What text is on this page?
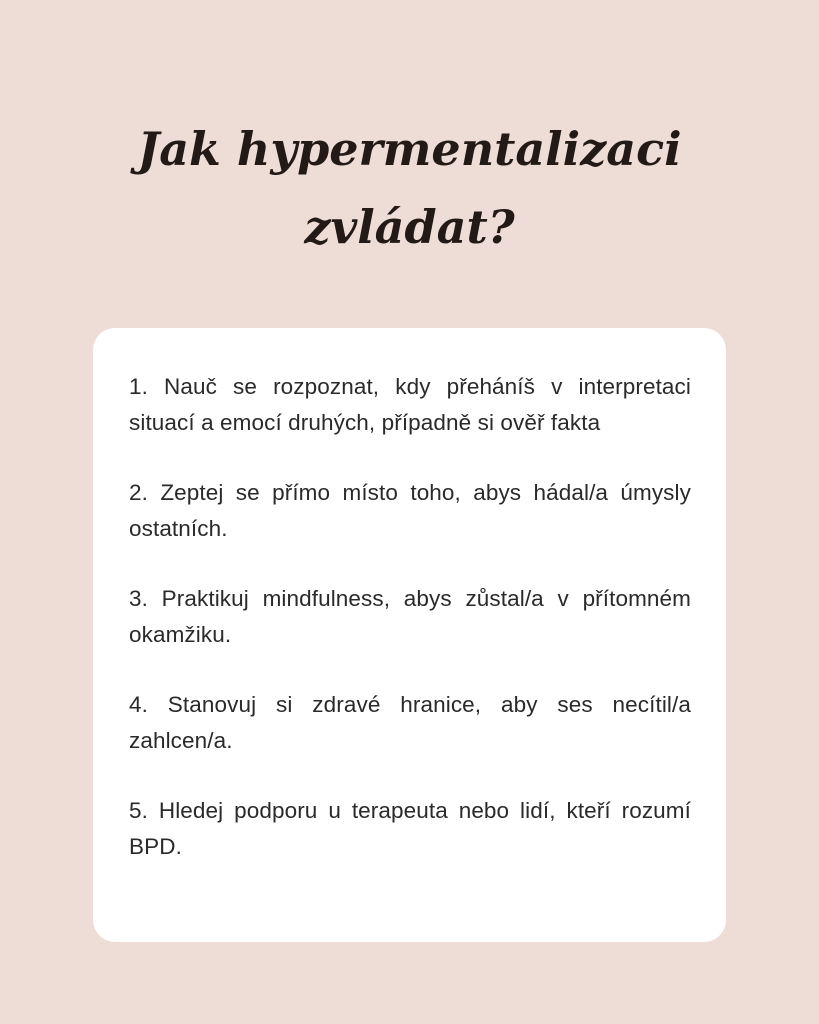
Jak hypermentalizaci
zvládat?
1. Nauč se rozpoznat, kdy přeháníš v interpretaci situací a emocí druhých, případně si ověř fakta
2. Zeptej se přímo místo toho, abys hádal/a úmysly ostatních.
3. Praktikuj mindfulness, abys zůstal/a v přítomném okamžiku.
4. Stanovuj si zdravé hranice, aby ses necítil/a zahlcen/a.
5. Hledej podporu u terapeuta nebo lidí, kteří rozumí BPD.
